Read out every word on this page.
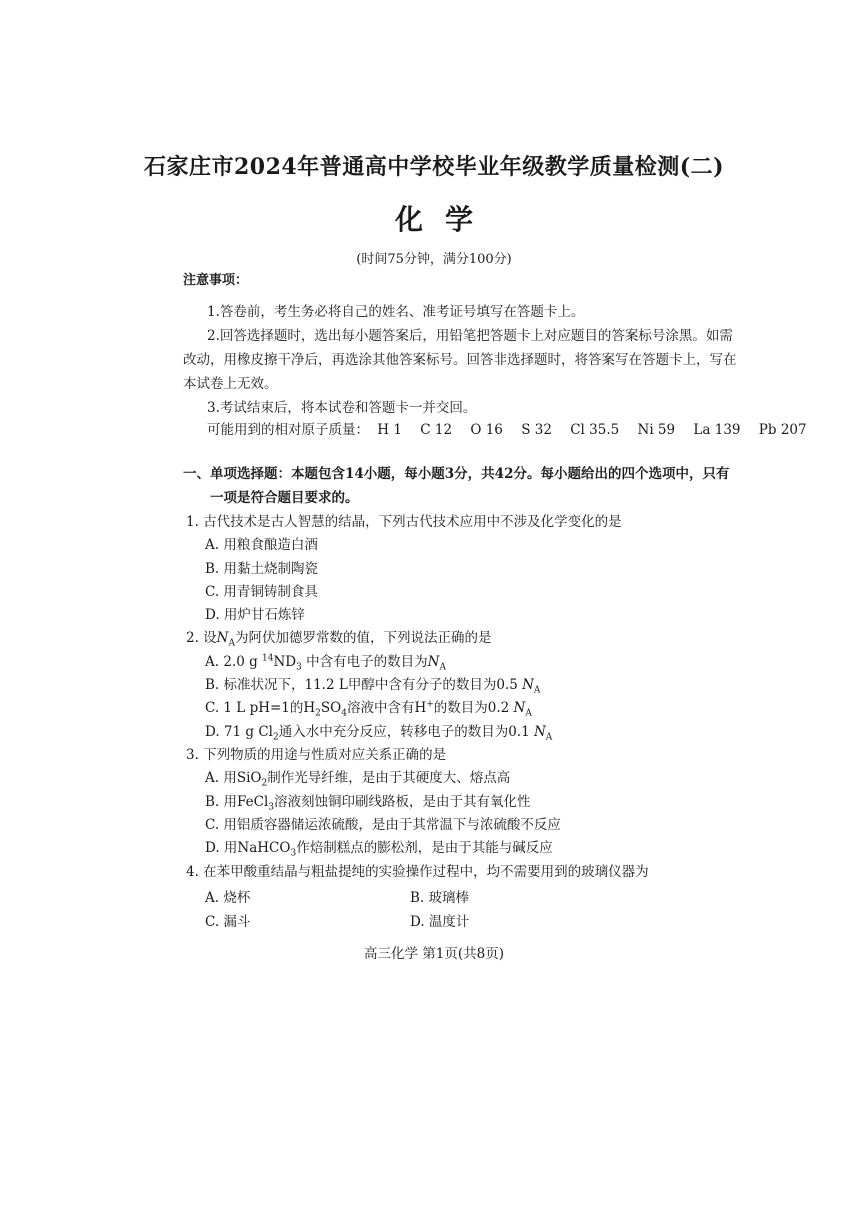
石家庄市2024年普通高中学校毕业年级教学质量检测(二)
化学
(时间75分钟，满分100分)
注意事项：
1.答卷前，考生务必将自己的姓名、准考证号填写在答题卡上。
2.回答选择题时，选出每小题答案后，用铅笔把答题卡上对应题目的答案标号涂黑。如需
改动，用橡皮擦干净后，再选涂其他答案标号。回答非选择题时，将答案写在答题卡上，写在
本试卷上无效。
3.考试结束后，将本试卷和答题卡一并交回。
可能用到的相对原子质量： H 1 C 12 O 16 S 32 Cl 35.5 Ni 59 La 139 Pb 207
一、单项选择题：本题包含14小题，每小题3分，共42分。每小题给出的四个选项中，只有
一项是符合题目要求的。
1. 古代技术是古人智慧的结晶，下列古代技术应用中不涉及化学变化的是
A. 用粮食酿造白酒
B. 用黏土烧制陶瓷
C. 用青铜铸制食具
D. 用炉甘石炼锌
2. 设$N_A$为阿伏加德罗常数的值，下列说法正确的是
A. 2.0 g $^{14}ND_3$ 中含有电子的数目为$N_A$
B. 标准状况下，11.2 L甲醇中含有分子的数目为0.5 $N_A$
C. 1 L pH=1的$H_2SO_4$溶液中含有H+的数目为0.2 $N_A$
D. 71 g $Cl_2$通入水中充分反应，转移电子的数目为0.1 $N_A$
3. 下列物质的用途与性质对应关系正确的是
A. 用SiO$_2$制作光导纤维，是由于其硬度大、熔点高
B. 用FeCl$_3$溶液刻蚀铜印刷线路板，是由于其有氧化性
C. 用铝质容器储运浓硫酸，是由于其常温下与浓硫酸不反应
D. 用NaHCO$_3$作焙制糕点的膨松剂，是由于其能与碱反应
4. 在苯甲酸重结晶与粗盐提纯的实验操作过程中，均不需要用到的玻璃仪器为
A. 烧杯	B. 玻璃棒
C. 漏斗	D. 温度计
高三化学 第1页(共8页)
